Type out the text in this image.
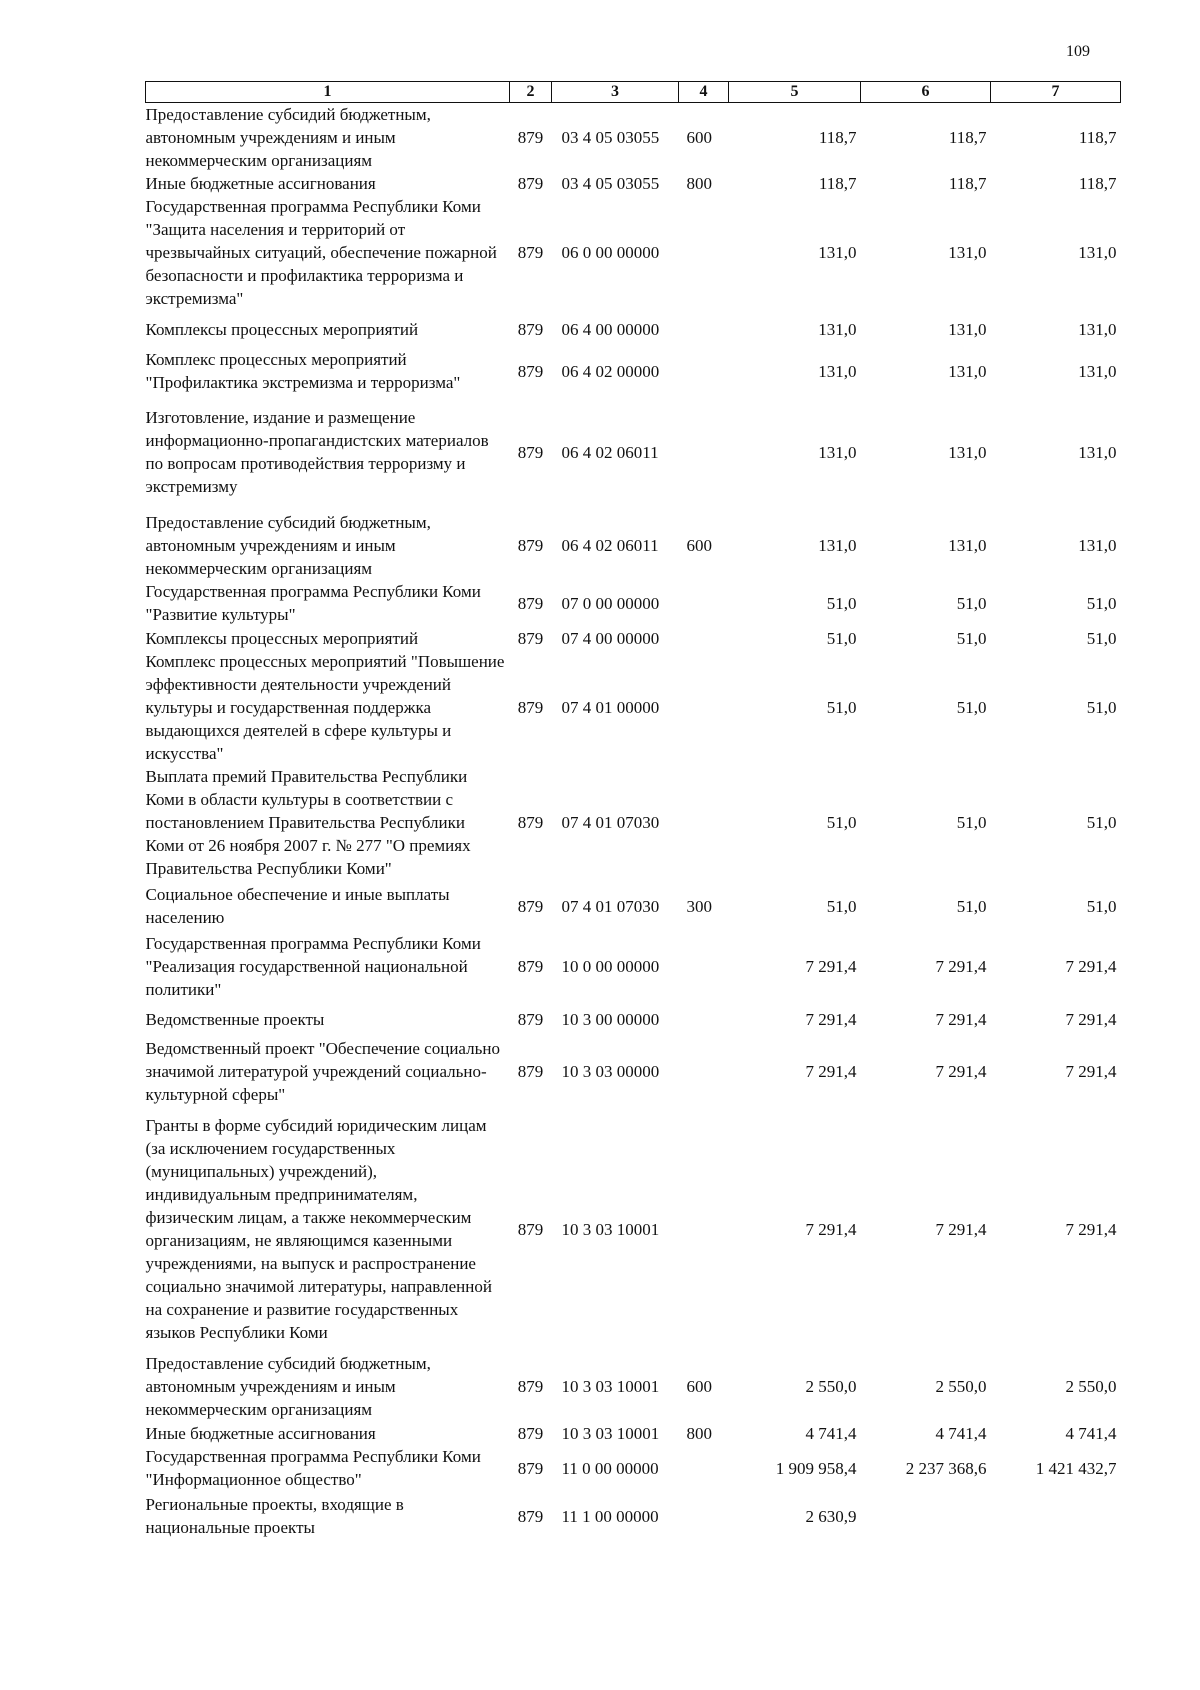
109
1	2	3	4	5	6	7
Предоставление субсидий бюджетным, автономным учреждениям и иным некоммерческим организациям	879	03 4 05 03055	600	118,7	118,7	118,7
Иные бюджетные ассигнования	879	03 4 05 03055	800	118,7	118,7	118,7
Государственная программа Республики Коми "Защита населения и территорий от чрезвычайных ситуаций, обеспечение пожарной безопасности и профилактика терроризма и экстремизма"	879	06 0 00 00000		131,0	131,0	131,0
Комплексы процессных мероприятий	879	06 4 00 00000		131,0	131,0	131,0
Комплекс процессных мероприятий "Профилактика экстремизма и терроризма"	879	06 4 02 00000		131,0	131,0	131,0
Изготовление, издание и размещение информационно-пропагандистских материалов по вопросам противодействия терроризму и экстремизму	879	06 4 02 06011		131,0	131,0	131,0
Предоставление субсидий бюджетным, автономным учреждениям и иным некоммерческим организациям	879	06 4 02 06011	600	131,0	131,0	131,0
Государственная программа Республики Коми "Развитие культуры"	879	07 0 00 00000		51,0	51,0	51,0
Комплексы процессных мероприятий	879	07 4 00 00000		51,0	51,0	51,0
Комплекс процессных мероприятий "Повышение эффективности деятельности учреждений культуры и государственная поддержка выдающихся деятелей в сфере культуры и искусства"	879	07 4 01 00000		51,0	51,0	51,0
Выплата премий Правительства Республики Коми в области культуры в соответствии с постановлением Правительства Республики Коми от 26 ноября 2007 г. № 277 "О премиях Правительства Республики Коми"	879	07 4 01 07030		51,0	51,0	51,0
Социальное обеспечение и иные выплаты населению	879	07 4 01 07030	300	51,0	51,0	51,0
Государственная программа Республики Коми "Реализация государственной национальной политики"	879	10 0 00 00000		7 291,4	7 291,4	7 291,4
Ведомственные проекты	879	10 3 00 00000		7 291,4	7 291,4	7 291,4
Ведомственный проект "Обеспечение социально значимой литературой учреждений социально-культурной сферы"	879	10 3 03 00000		7 291,4	7 291,4	7 291,4
Гранты в форме субсидий юридическим лицам (за исключением государственных (муниципальных) учреждений), индивидуальным предпринимателям, физическим лицам, а также некоммерческим организациям, не являющимся казенными учреждениями, на выпуск и распространение социально значимой литературы, направленной на сохранение и развитие государственных языков Республики Коми	879	10 3 03 10001		7 291,4	7 291,4	7 291,4
Предоставление субсидий бюджетным, автономным учреждениям и иным некоммерческим организациям	879	10 3 03 10001	600	2 550,0	2 550,0	2 550,0
Иные бюджетные ассигнования	879	10 3 03 10001	800	4 741,4	4 741,4	4 741,4
Государственная программа Республики Коми "Информационное общество"	879	11 0 00 00000		1 909 958,4	2 237 368,6	1 421 432,7
Региональные проекты, входящие в национальные проекты	879	11 1 00 00000		2 630,9		
